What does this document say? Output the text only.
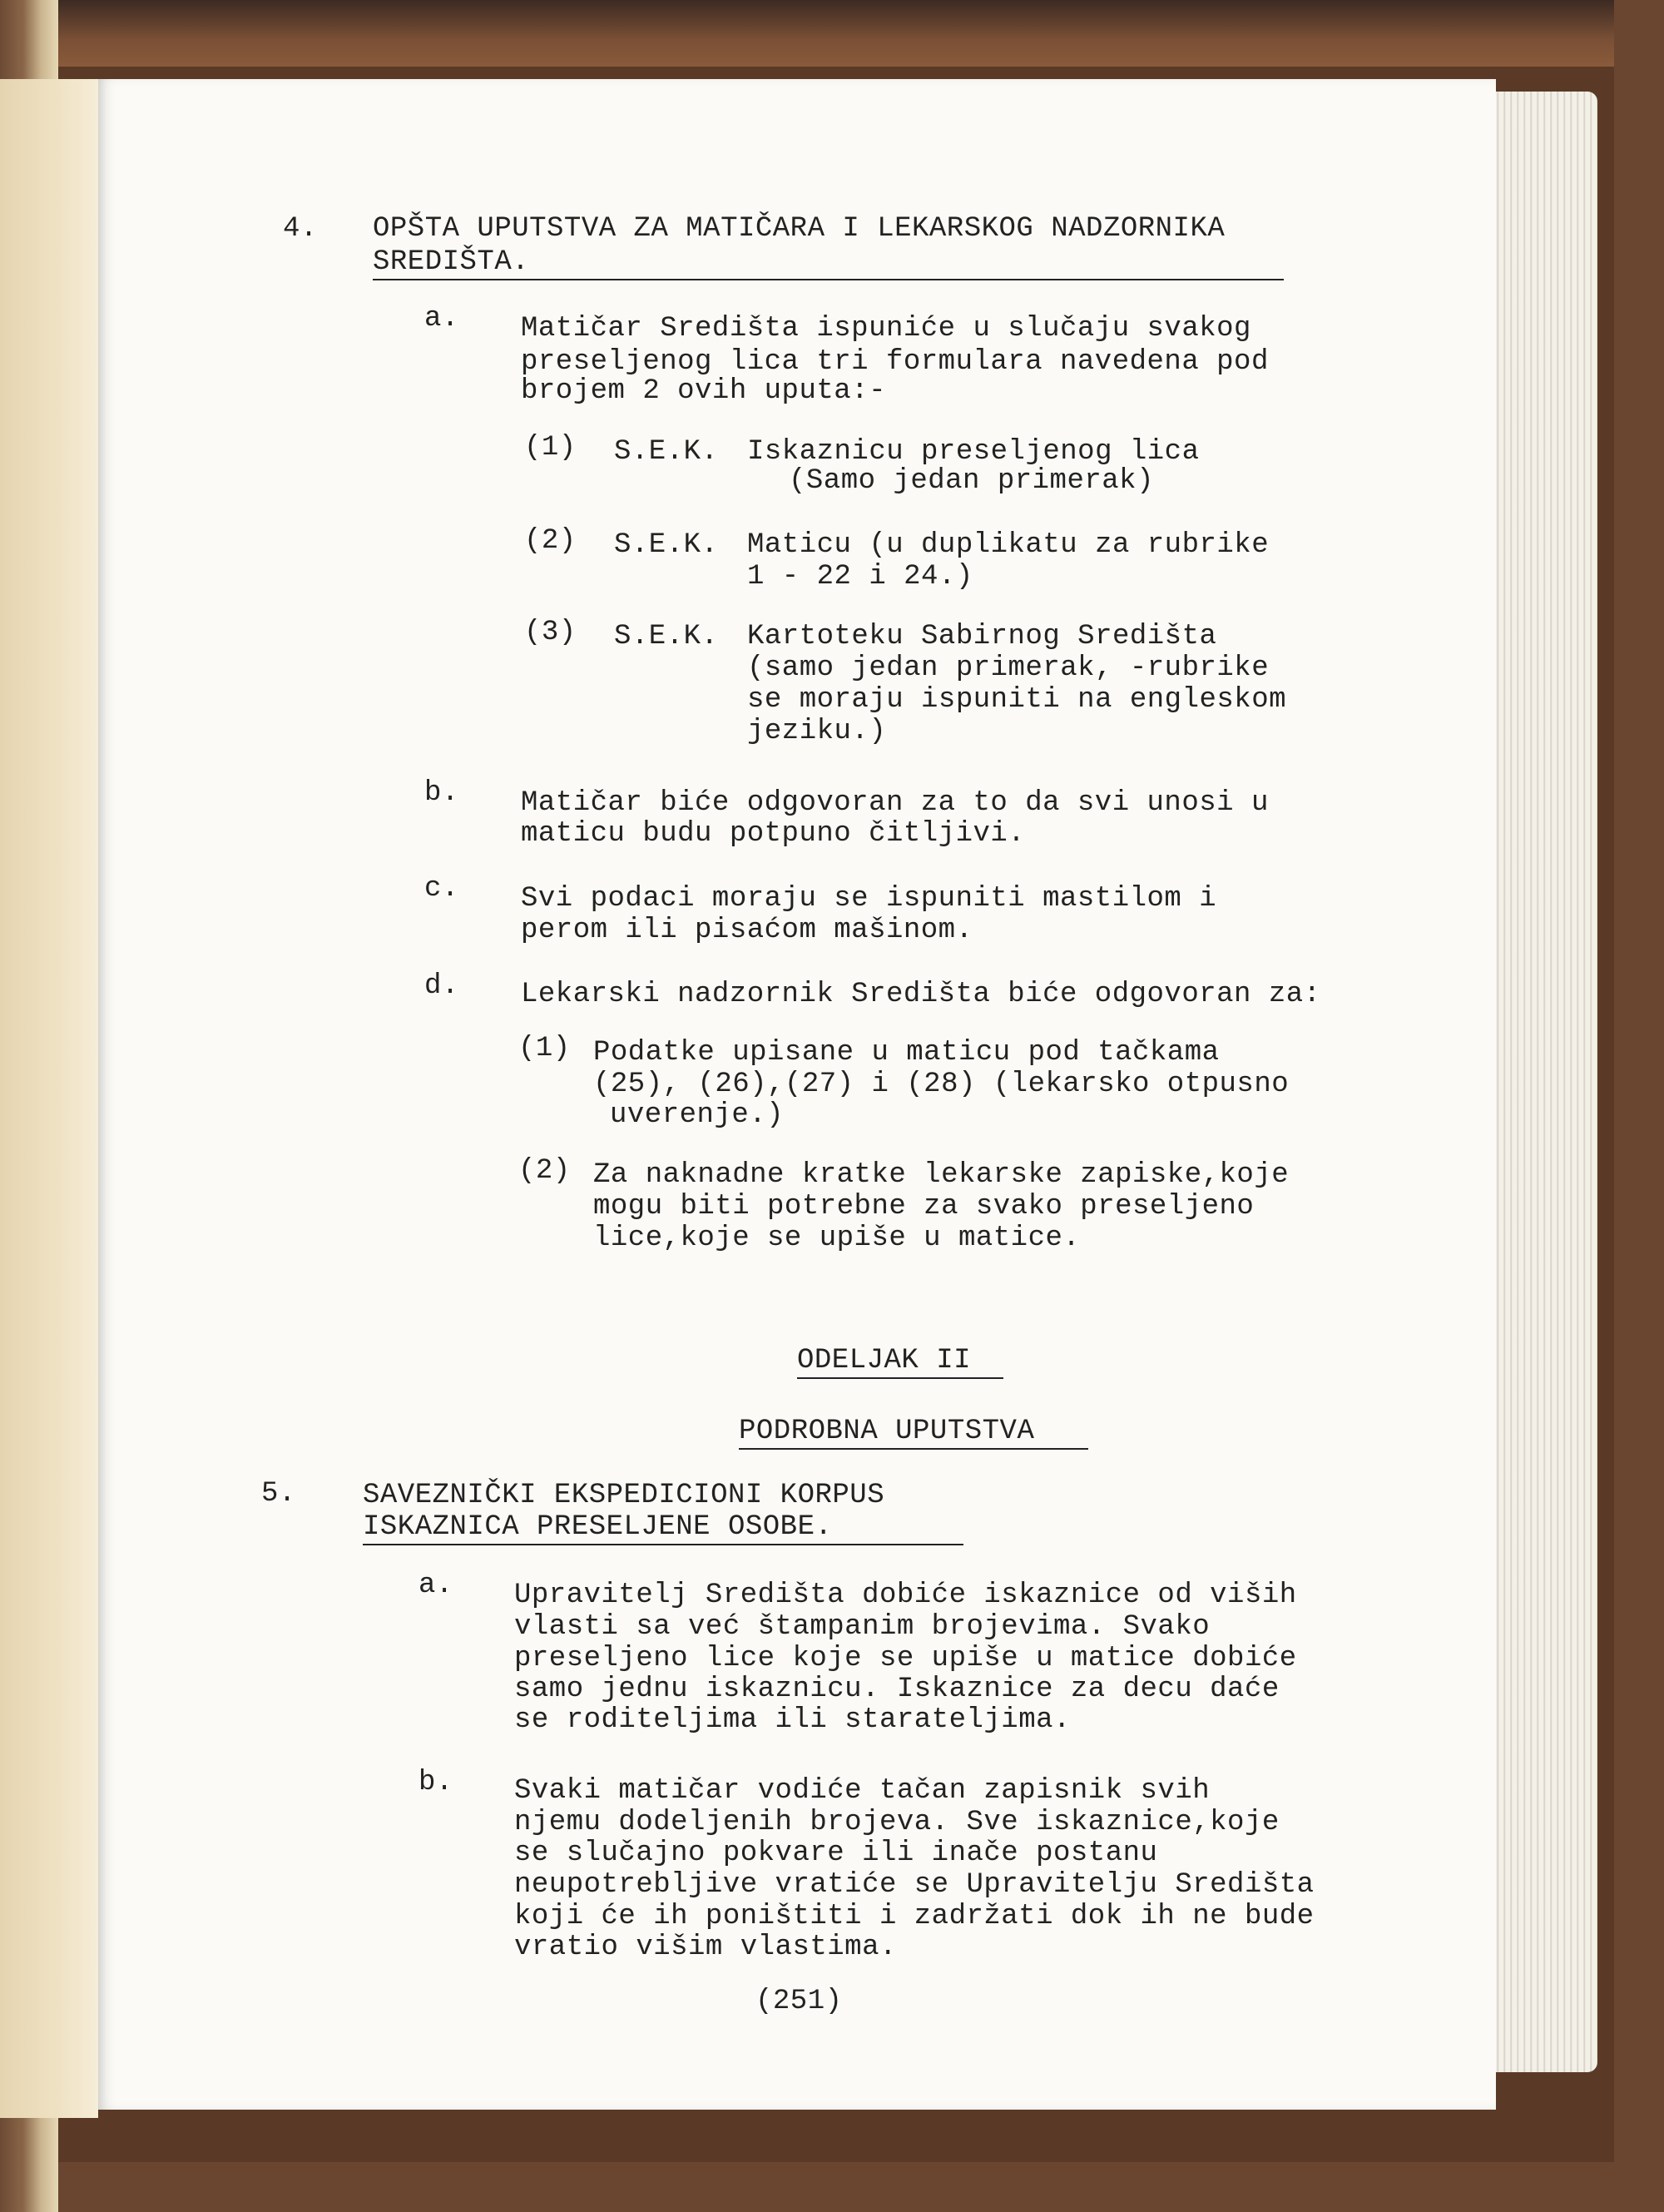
4. OPŠTA UPUTSTVA ZA MATIČARA I LEKARSKOG NADZORNIKA
SREDIŠTA.
a. Matičar Središta ispuniće u slučaju svakog
preseljenog lica tri formulara navedena pod
brojem 2 ovih uputa:-
(1) S.E.K. Iskaznicu preseljenog lica
(Samo jedan primerak)
(2) S.E.K. Maticu (u duplikatu za rubrike
1 - 22 i 24.)
(3) S.E.K. Kartoteku Sabirnog Središta
(samo jedan primerak, -rubrike
se moraju ispuniti na engleskom
jeziku.)
b. Matičar biće odgovoran za to da svi unosi u
maticu budu potpuno čitljivi.
c. Svi podaci moraju se ispuniti mastilom i
perom ili pisaćom mašinom.
d. Lekarski nadzornik Središta biće odgovoran za:
(1) Podatke upisane u maticu pod tačkama
(25), (26),(27) i (28) (lekarsko otpusno
uverenje.)
(2) Za naknadne kratke lekarske zapiske,koje
mogu biti potrebne za svako preseljeno
lice,koje se upiše u matice.
ODELJAK II
PODROBNA UPUTSTVA
5. SAVEZNIČKI EKSPEDICIONI KORPUS
ISKAZNICA PRESELJENE OSOBE.
a. Upravitelj Središta dobiće iskaznice od viših
vlasti sa već štampanim brojevima. Svako
preseljeno lice koje se upiše u matice dobiće
samo jednu iskaznicu. Iskaznice za decu daće
se roditeljima ili starateljima.
b. Svaki matičar vodiće tačan zapisnik svih
njemu dodeljenih brojeva. Sve iskaznice,koje
se slučajno pokvare ili inače postanu
neupotrebljive vratiće se Upravitelju Središta
koji će ih poništiti i zadržati dok ih ne bude
vratio višim vlastima.
(251)
